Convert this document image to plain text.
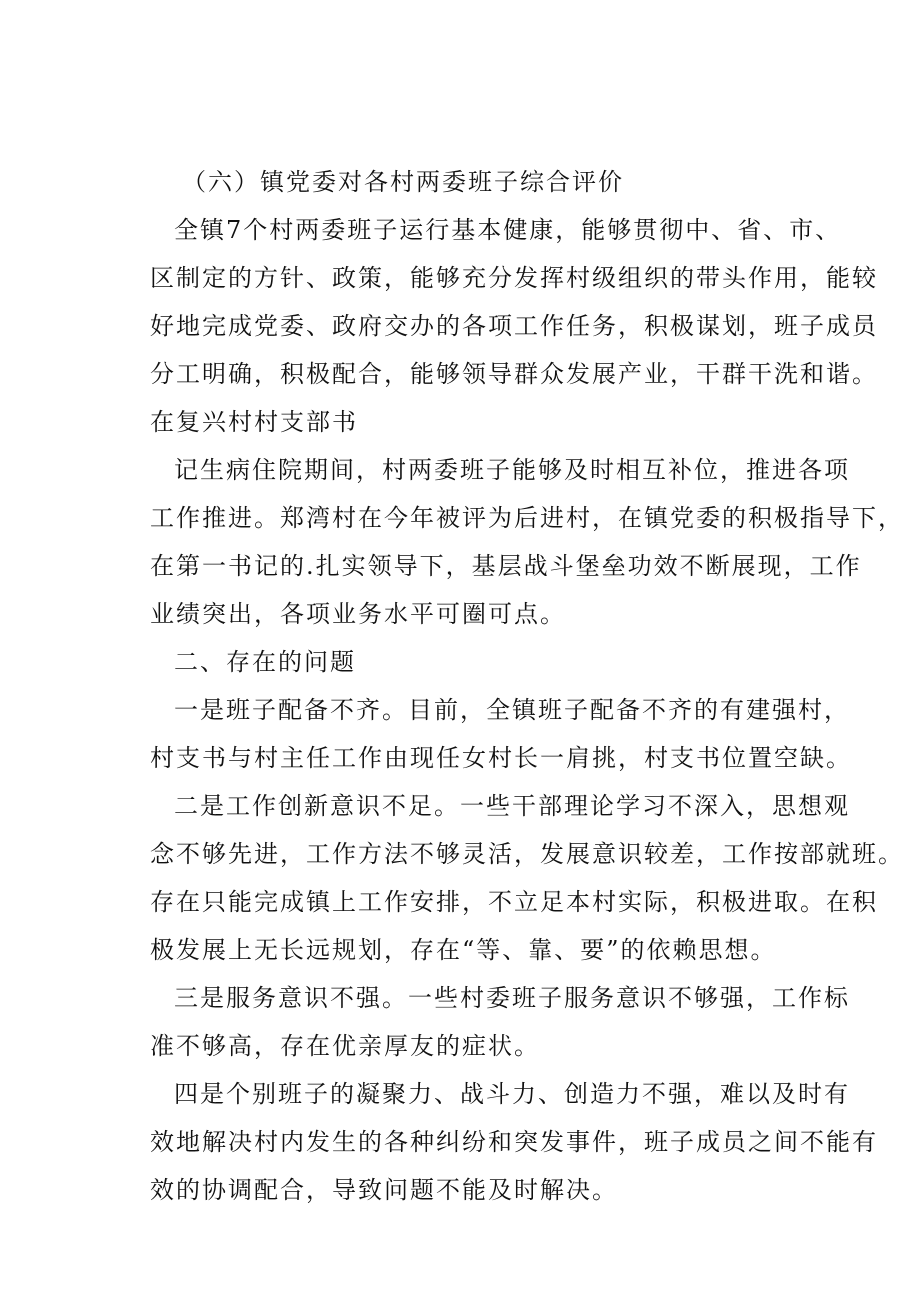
（六）镇党委对各村两委班子综合评价
全镇7个村两委班子运行基本健康，能够贯彻中、省、市、
区制定的方针、政策，能够充分发挥村级组织的带头作用，能较
好地完成党委、政府交办的各项工作任务，积极谋划，班子成员
分工明确，积极配合，能够领导群众发展产业，干群干洗和谐。
在复兴村村支部书
记生病住院期间，村两委班子能够及时相互补位，推进各项
工作推进。郑湾村在今年被评为后进村，在镇党委的积极指导下，
在第一书记的.扎实领导下，基层战斗堡垒功效不断展现，工作
业绩突出，各项业务水平可圈可点。
二、存在的问题
一是班子配备不齐。目前，全镇班子配备不齐的有建强村，
村支书与村主任工作由现任女村长一肩挑，村支书位置空缺。
二是工作创新意识不足。一些干部理论学习不深入，思想观
念不够先进，工作方法不够灵活，发展意识较差，工作按部就班。
存在只能完成镇上工作安排，不立足本村实际，积极进取。在积
极发展上无长远规划，存在“等、靠、要”的依赖思想。
三是服务意识不强。一些村委班子服务意识不够强，工作标
准不够高，存在优亲厚友的症状。
四是个别班子的凝聚力、战斗力、创造力不强，难以及时有
效地解决村内发生的各种纠纷和突发事件，班子成员之间不能有
效的协调配合，导致问题不能及时解决。
